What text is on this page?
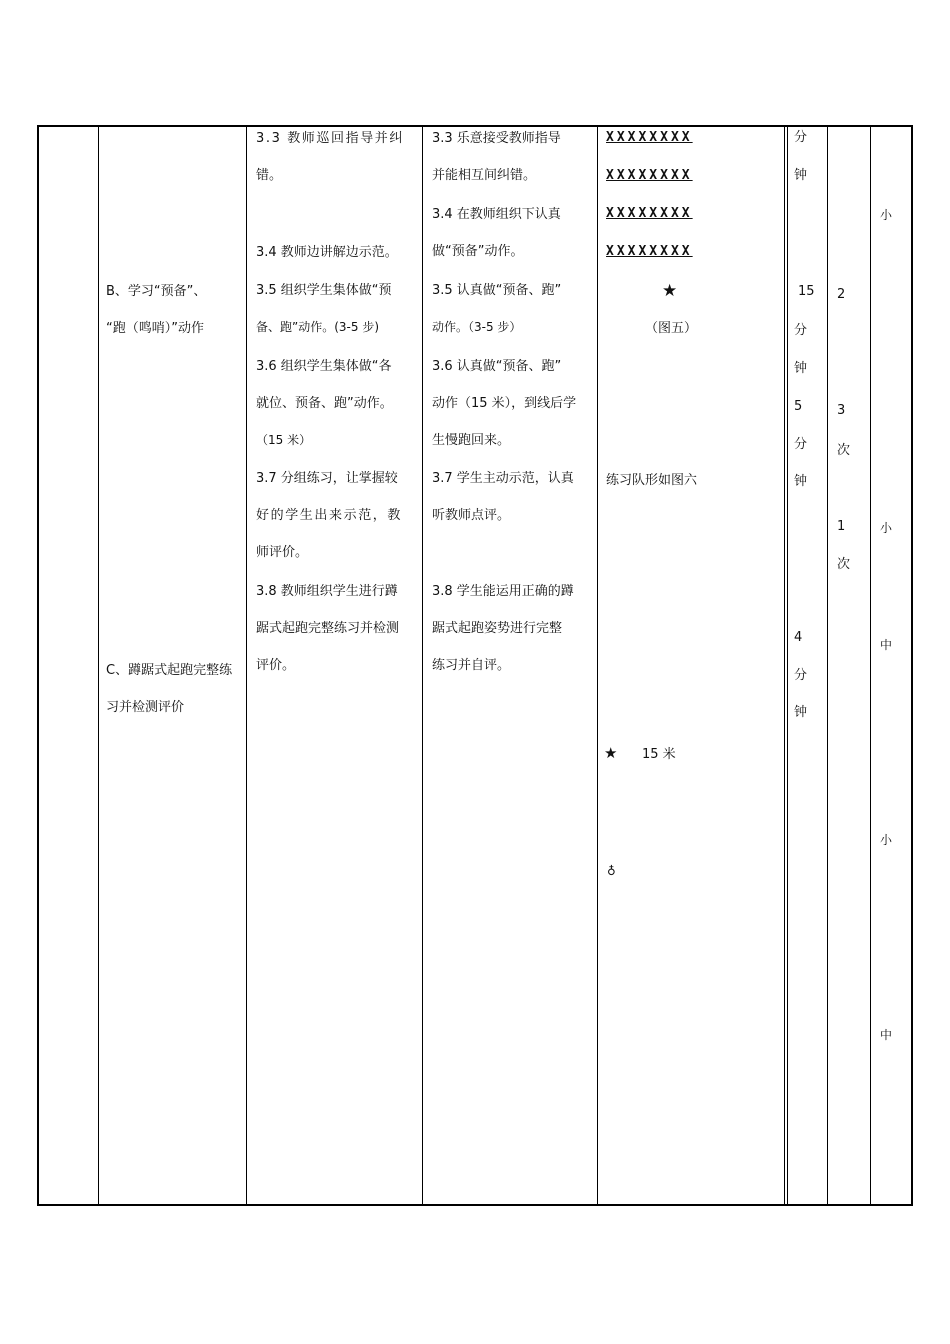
B、学习“预备”、
“跑（鸣哨）”动作
C、蹲踞式起跑完整练
习并检测评价
3.3 教师巡回指导并纠
错。
3.4 教师边讲解边示范。
3.5 组织学生集体做“预
备、跑”动作。(3-5 步)
3.6 组织学生集体做“各
就位、预备、跑”动作。
（15 米）
3.7 分组练习，让掌握较
好的学生出来示范，教
师评价。
3.8 教师组织学生进行蹲
踞式起跑完整练习并检测
评价。
3.3 乐意接受教师指导
并能相互间纠错。
3.4 在教师组织下认真
做“预备”动作。
3.5 认真做“预备、跑”
动作。（3-5 步）
3.6 认真做“预备、跑”
动作（15 米），到线后学
生慢跑回来。
3.7 学生主动示范，认真
听教师点评。
3.8 学生能运用正确的蹲
踞式起跑姿势进行完整
练习并自评。
XXXXXXXX
XXXXXXXX
XXXXXXXX
XXXXXXXX
★
（图五）
练习队形如图六
★ 15 米
♁
分
钟
15
分
钟
5
分
钟
4
分
钟
2
3
次
1
次
小
小
中
小
中
